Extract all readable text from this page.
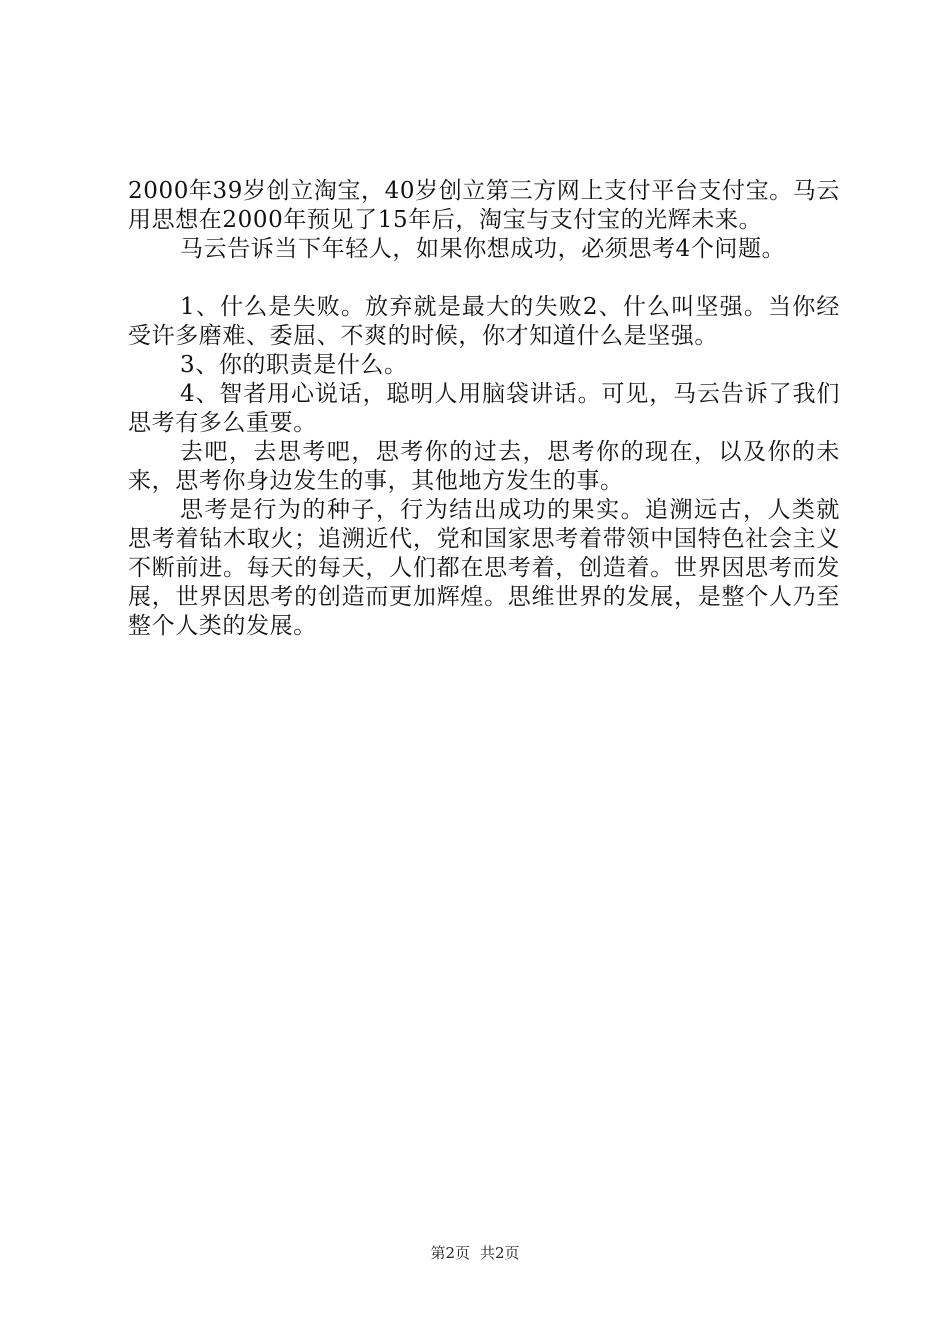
2000年39岁创立淘宝，40岁创立第三方网上支付平台支付宝。马云用思想在2000年预见了15年后，淘宝与支付宝的光辉未来。

马云告诉当下年轻人，如果你想成功，必须思考4个问题。

1、什么是失败。放弃就是最大的失败2、什么叫坚强。当你经受许多磨难、委屈、不爽的时候，你才知道什么是坚强。

3、你的职责是什么。

4、智者用心说话，聪明人用脑袋讲话。可见，马云告诉了我们思考有多么重要。

去吧，去思考吧，思考你的过去，思考你的现在，以及你的未来，思考你身边发生的事，其他地方发生的事。

思考是行为的种子，行为结出成功的果实。追溯远古，人类就思考着钻木取火；追溯近代，党和国家思考着带领中国特色社会主义不断前进。每天的每天，人们都在思考着，创造着。世界因思考而发展，世界因思考的创造而更加辉煌。思维世界的发展，是整个人乃至整个人类的发展。

第2页 共2页
